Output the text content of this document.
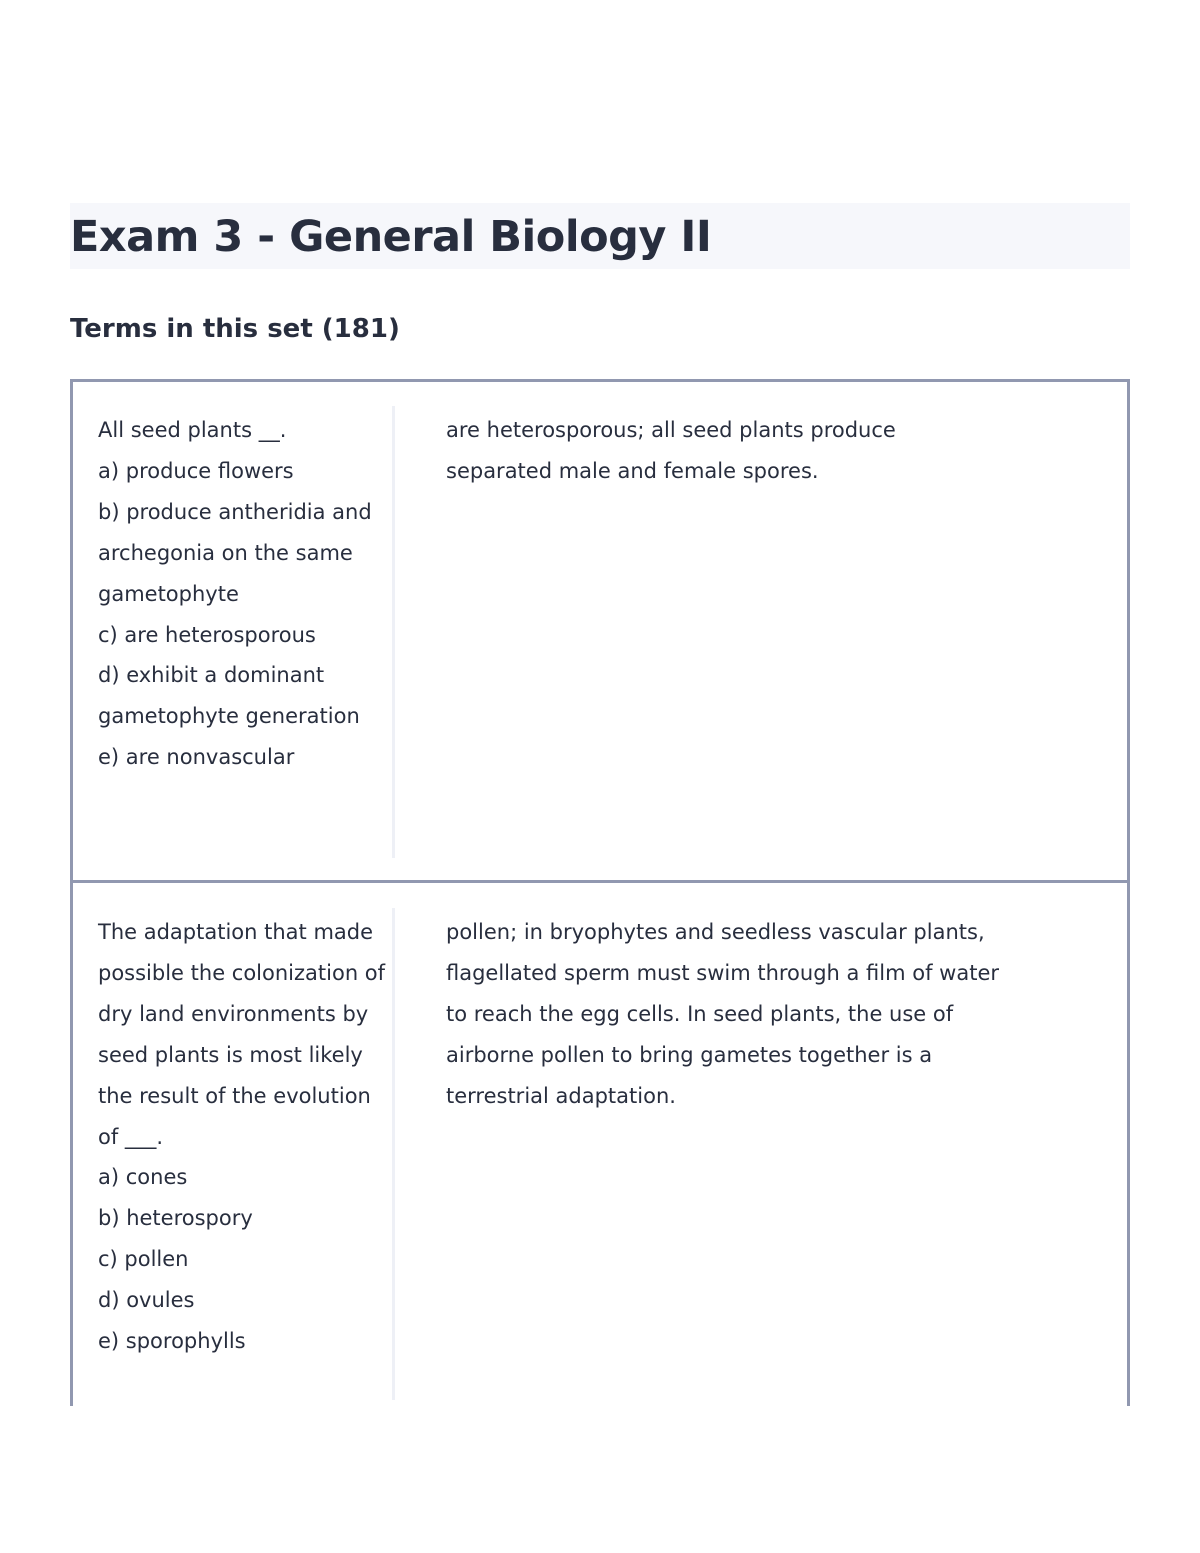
Exam 3 - General Biology II
Terms in this set (181)

All seed plants __.
a) produce flowers
b) produce antheridia and archegonia on the same gametophyte
c) are heterosporous
d) exhibit a dominant gametophyte generation
e) are nonvascular

are heterosporous; all seed plants produce separated male and female spores.

The adaptation that made possible the colonization of dry land environments by seed plants is most likely the result of the evolution of ___.
a) cones
b) heterospory
c) pollen
d) ovules
e) sporophylls

pollen; in bryophytes and seedless vascular plants, flagellated sperm must swim through a film of water to reach the egg cells. In seed plants, the use of airborne pollen to bring gametes together is a terrestrial adaptation.
